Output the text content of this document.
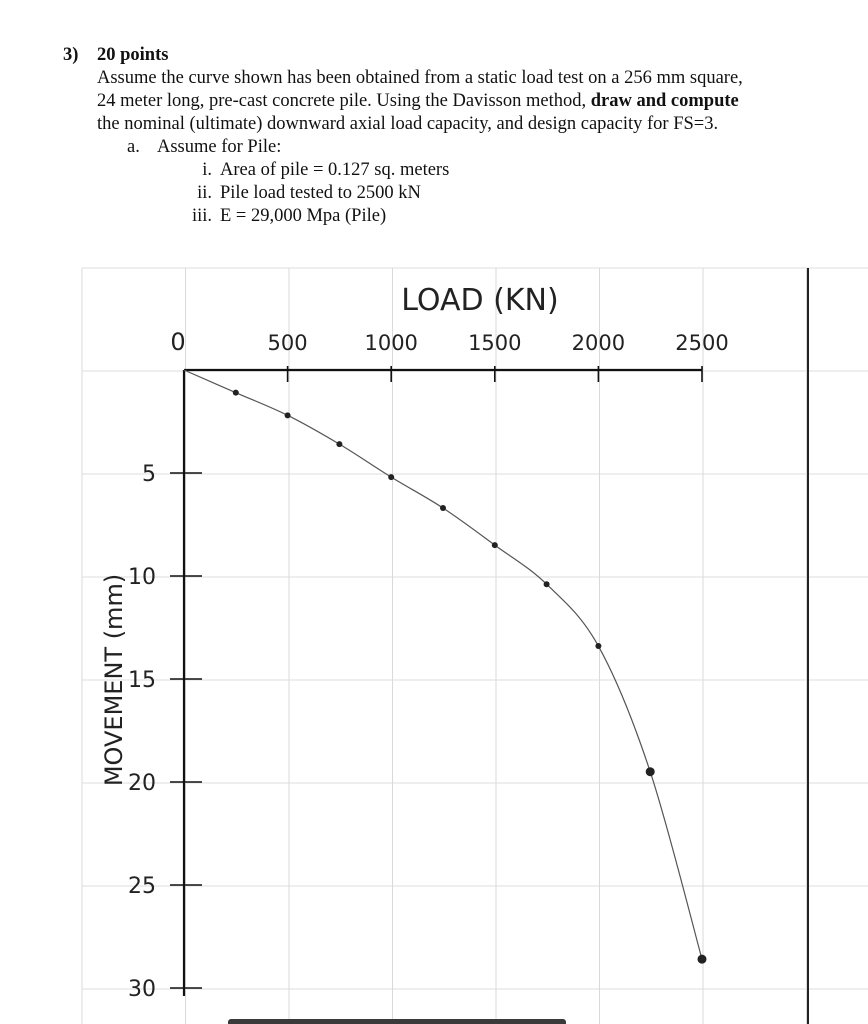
3) 20 points
Assume the curve shown has been obtained from a static load test on a 256 mm square, 24 meter long, pre-cast concrete pile. Using the Davisson method, draw and compute the nominal (ultimate) downward axial load capacity, and design capacity for FS=3.
a. Assume for Pile:
i. Area of pile = 0.127 sq. meters
ii. Pile load tested to 2500 kN
iii. E = 29,000 Mpa (Pile)
LOAD (KN)
MOVEMENT (mm)
0	500	1000 1500 2000 2500
5
10
15
20
25
30
